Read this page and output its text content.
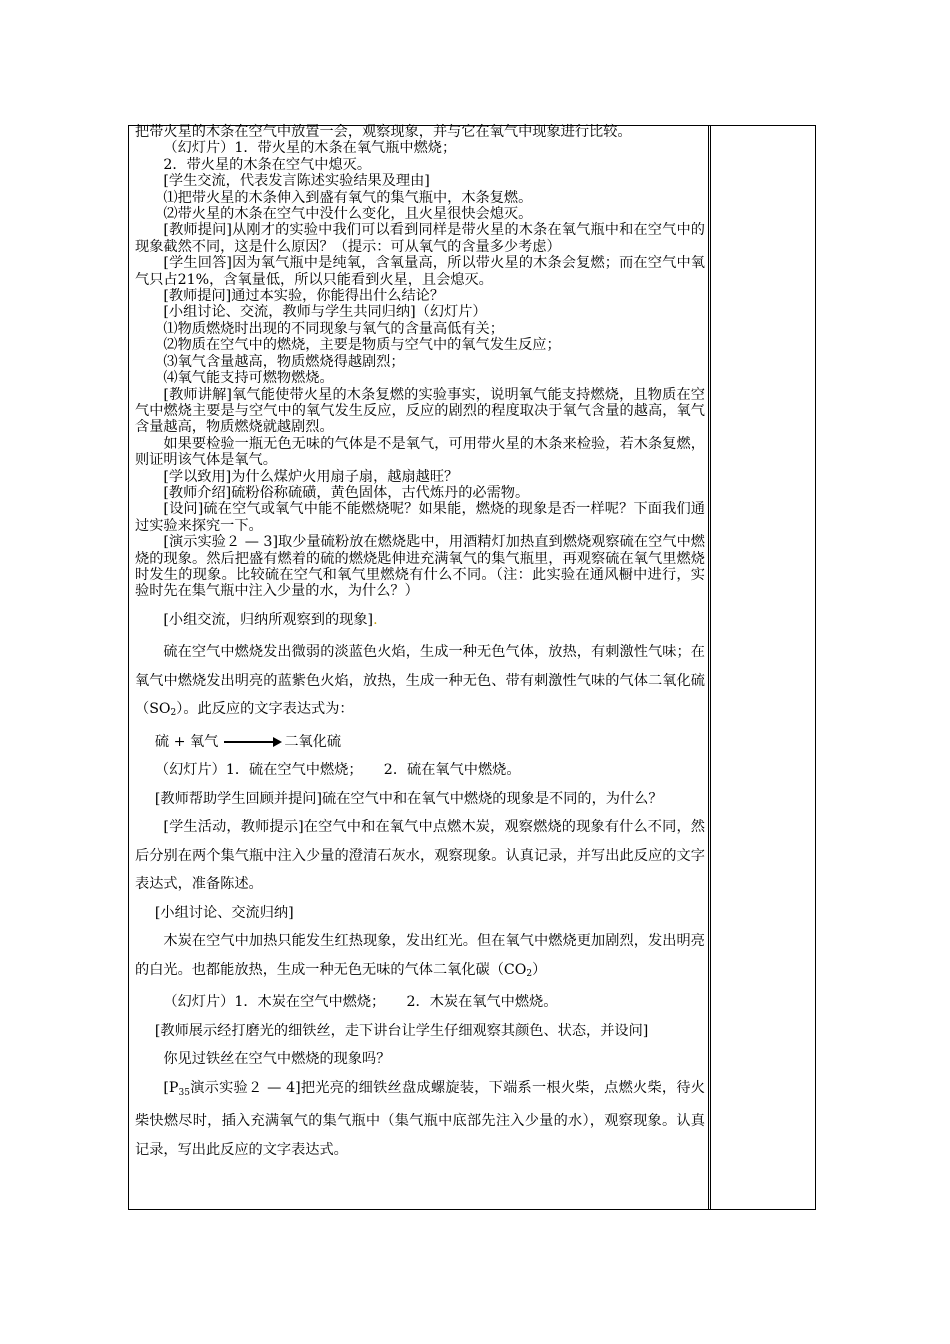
把带火星的木条在空气中放置一会，观察现象，并与它在氧气中现象进行比较。

（幻灯片）1．带火星的木条在氧气瓶中燃烧；

2．带火星的木条在空气中熄灭。

[学生交流，代表发言陈述实验结果及理由]

⑴把带火星的木条伸入到盛有氧气的集气瓶中，木条复燃。

⑵带火星的木条在空气中没什么变化，且火星很快会熄灭。

[教师提问]从刚才的实验中我们可以看到同样是带火星的木条在氧气瓶中和在空气中的现象截然不同，这是什么原因？（提示：可从氧气的含量多少考虑）

[学生回答]因为氧气瓶中是纯氧，含氧量高，所以带火星的木条会复燃；而在空气中氧气只占21%，含氧量低，所以只能看到火星，且会熄灭。

[教师提问]通过本实验，你能得出什么结论？

[小组讨论、交流，教师与学生共同归纳]（幻灯片）

⑴物质燃烧时出现的不同现象与氧气的含量高低有关；

⑵物质在空气中的燃烧，主要是物质与空气中的氧气发生反应；

⑶氧气含量越高，物质燃烧得越剧烈；

⑷氧气能支持可燃物燃烧。

[教师讲解]氧气能使带火星的木条复燃的实验事实，说明氧气能支持燃烧，且物质在空气中燃烧主要是与空气中的氧气发生反应，反应的剧烈的程度取决于氧气含量的越高，氧气含量越高，物质燃烧就越剧烈。

如果要检验一瓶无色无味的气体是不是氧气，可用带火星的木条来检验，若木条复燃，则证明该气体是氧气。

[学以致用]为什么煤炉火用扇子扇，越扇越旺？

[教师介绍]硫粉俗称硫磺，黄色固体，古代炼丹的必需物。

[设问]硫在空气或氧气中能不能燃烧呢？如果能，燃烧的现象是否一样呢？下面我们通过实验来探究一下。

[演示实验２ — 3]取少量硫粉放在燃烧匙中，用酒精灯加热直到燃烧观察硫在空气中燃烧的现象。然后把盛有燃着的硫的燃烧匙伸进充满氧气的集气瓶里，再观察硫在氧气里燃烧时发生的现象。比较硫在空气和氧气里燃烧有什么不同。（注：此实验在通风橱中进行，实验时先在集气瓶中注入少量的水，为什么？）

[小组交流，归纳所观察到的现象].

硫在空气中燃烧发出微弱的淡蓝色火焰，生成一种无色气体，放热，有刺激性气味；在氧气中燃烧发出明亮的蓝紫色火焰，放热，生成一种无色、带有刺激性气味的气体二氧化硫$(SO_2)$。此反应的文字表达式为：

硫 + 氧气	二氧化硫

（幻灯片）1．硫在空气中燃烧；　　2．硫在氧气中燃烧。

[教师帮助学生回顾并提问]硫在空气中和在氧气中燃烧的现象是不同的，为什么？

[学生活动，教师提示]在空气中和在氧气中点燃木炭，观察燃烧的现象有什么不同，然后分别在两个集气瓶中注入少量的澄清石灰水，观察现象。认真记录，并写出此反应的文字表达式，准备陈述。

[小组讨论、交流归纳]

木炭在空气中加热只能发生红热现象，发出红光。但在氧气中燃烧更加剧烈，发出明亮的白光。也都能放热，生成一种无色无味的气体二氧化碳$(CO_2)$

（幻灯片）1．木炭在空气中燃烧；　　2．木炭在氧气中燃烧。

[教师展示经打磨光的细铁丝，走下讲台让学生仔细观察其颜色、状态，并设问]

你见过铁丝在空气中燃烧的现象吗？

[$P_{35}$演示实验２ — 4]把光亮的细铁丝盘成螺旋装，下端系一根火柴，点燃火柴，待火柴快燃尽时，插入充满氧气的集气瓶中（集气瓶中底部先注入少量的水），观察现象。认真记录，写出此反应的文字表达式。
